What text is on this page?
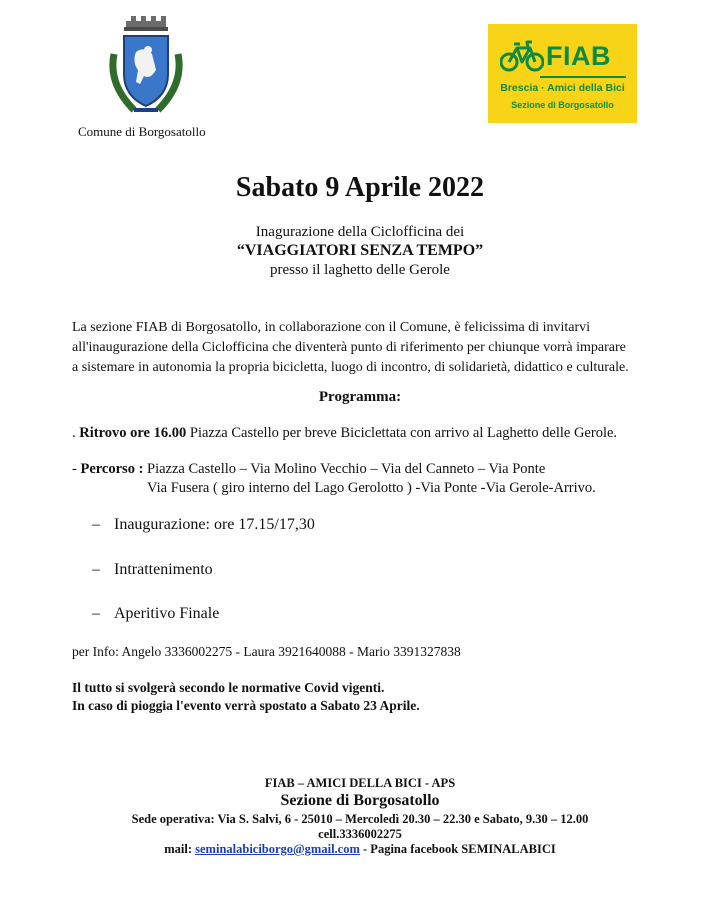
Comune di Borgosatollo
FIAB
Brescia · Amici della Bici
Sezione di Borgosatollo
Sabato 9 Aprile 2022
Inagurazione della Ciclofficina dei
“VIAGGIATORI SENZA TEMPO”
presso il laghetto delle Gerole
La sezione FIAB di Borgosatollo, in collaborazione con il Comune, è felicissima di invitarvi
all'inaugurazione della Ciclofficina che diventerà punto di riferimento per chiunque vorrà imparare
a sistemare in autonomia la propria bicicletta, luogo di incontro, di solidarietà, didattico e culturale.
Programma:
. Ritrovo ore 16.00 Piazza Castello per breve Biciclettata con arrivo al Laghetto delle Gerole.
- Percorso : Piazza Castello – Via Molino Vecchio – Via del Canneto – Via Ponte
Via Fusera ( giro interno del Lago Gerolotto ) -Via Ponte -Via Gerole-Arrivo.
– Inaugurazione: ore 17.15/17,30
– Intrattenimento
– Aperitivo Finale
per Info: Angelo 3336002275 - Laura 3921640088 - Mario 3391327838
Il tutto si svolgerà secondo le normative Covid vigenti.
In caso di pioggia l'evento verrà spostato a Sabato 23 Aprile.
FIAB – AMICI DELLA BICI - APS
Sezione di Borgosatollo
Sede operativa: Via S. Salvi, 6 - 25010 – Mercoledì 20.30 – 22.30 e Sabato, 9.30 – 12.00
cell.3336002275
mail: seminalabiciborgo@gmail.com - Pagina facebook SEMINALABICI
